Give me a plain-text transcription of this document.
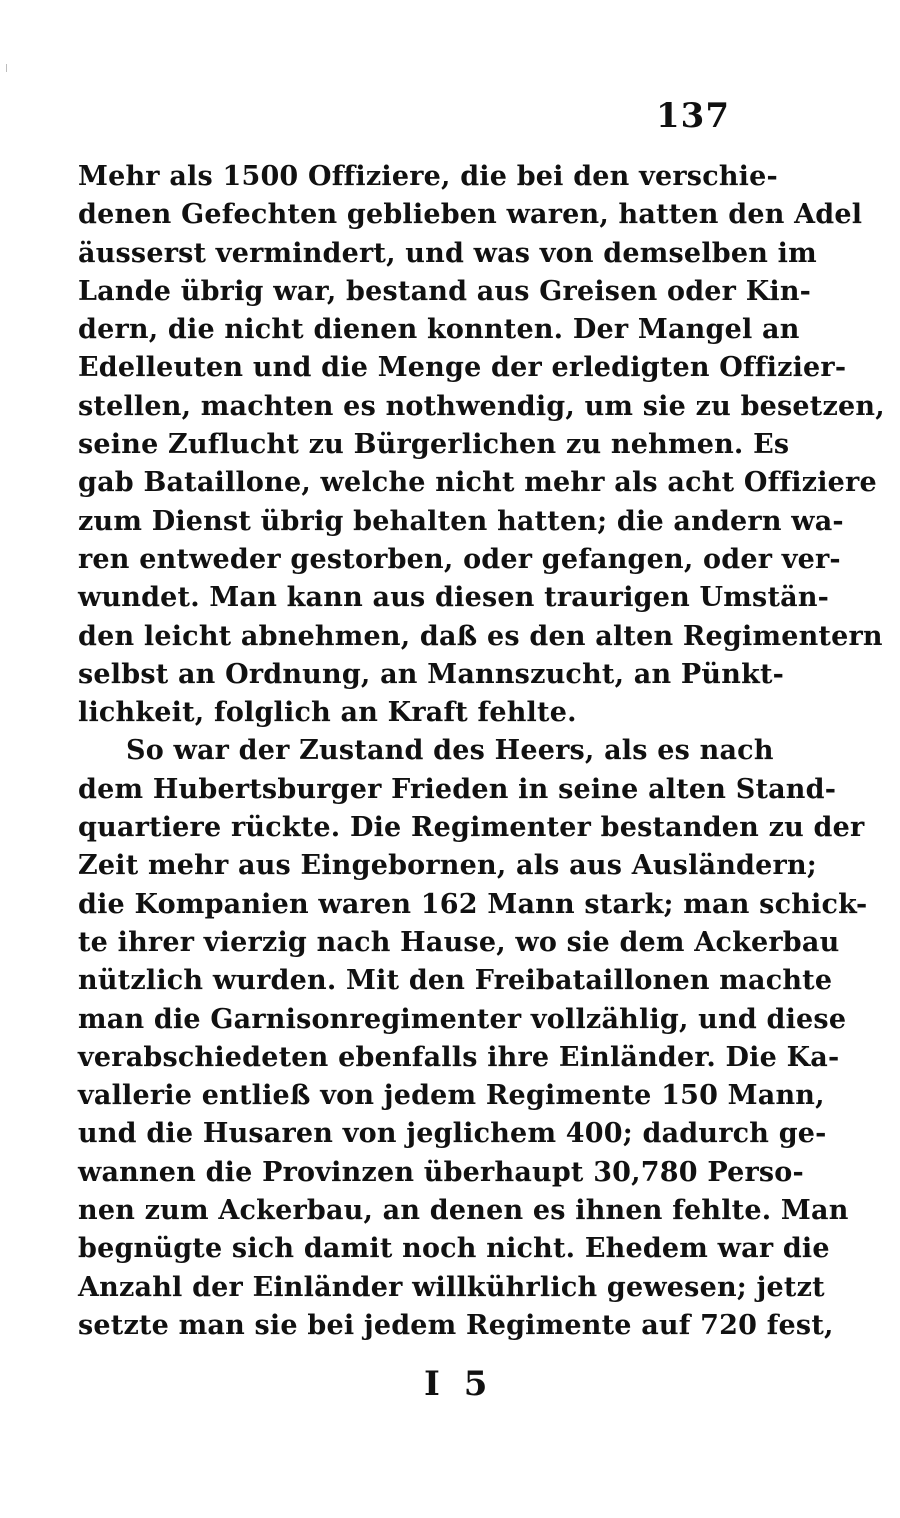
137
Mehr als 1500 Offiziere, die bei den verschie-
denen Gefechten geblieben waren, hatten den Adel
äusserst vermindert, und was von demselben im
Lande übrig war, bestand aus Greisen oder Kin-
dern, die nicht dienen konnten. Der Mangel an
Edelleuten und die Menge der erledigten Offizier-
stellen, machten es nothwendig, um sie zu besetzen,
seine Zuflucht zu Bürgerlichen zu nehmen. Es
gab Bataillone, welche nicht mehr als acht Offiziere
zum Dienst übrig behalten hatten; die andern wa-
ren entweder gestorben, oder gefangen, oder ver-
wundet. Man kann aus diesen traurigen Umstän-
den leicht abnehmen, daß es den alten Regimentern
selbst an Ordnung, an Mannszucht, an Pünkt-
lichkeit, folglich an Kraft fehlte.
So war der Zustand des Heers, als es nach
dem Hubertsburger Frieden in seine alten Stand-
quartiere rückte. Die Regimenter bestanden zu der
Zeit mehr aus Eingebornen, als aus Ausländern;
die Kompanien waren 162 Mann stark; man schick-
te ihrer vierzig nach Hause, wo sie dem Ackerbau
nützlich wurden. Mit den Freibataillonen machte
man die Garnisonregimenter vollzählig, und diese
verabschiedeten ebenfalls ihre Einländer. Die Ka-
vallerie entließ von jedem Regimente 150 Mann,
und die Husaren von jeglichem 400; dadurch ge-
wannen die Provinzen überhaupt 30,780 Perso-
nen zum Ackerbau, an denen es ihnen fehlte. Man
begnügte sich damit noch nicht. Ehedem war die
Anzahl der Einländer willkührlich gewesen; jetzt
setzte man sie bei jedem Regimente auf 720 fest,
I 5
